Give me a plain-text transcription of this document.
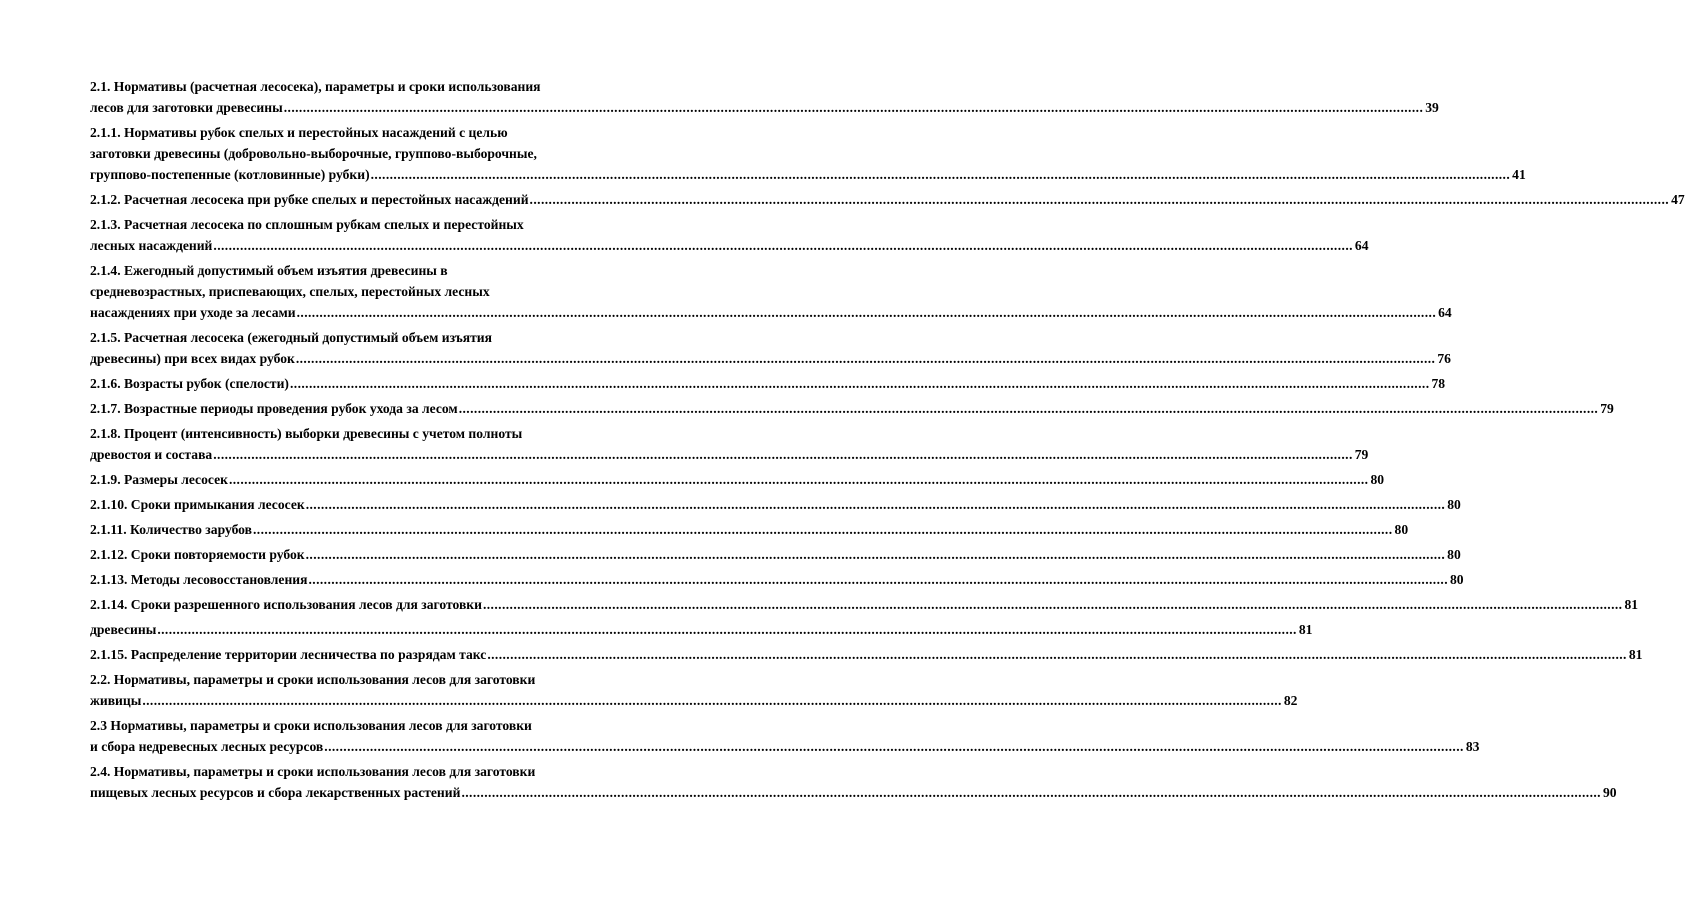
2.1. Нормативы (расчетная лесосека), параметры и сроки использования
лесов для заготовки древесины ............................................................................................................................................................................................................................................................................................................ 39
2.1.1. Нормативы рубок спелых и перестойных насаждений с целью
заготовки древесины (добровольно-выборочные, группово-выборочные,
группово-постепенные (котловинные) рубки) ............................................................................................................................................................................................................................................................................................................ 41
2.1.2. Расчетная лесосека при рубке спелых и перестойных насаждений ............................................................................................................................................................................................................................................................................................................ 47
2.1.3. Расчетная лесосека по сплошным рубкам спелых и перестойных
лесных насаждений ............................................................................................................................................................................................................................................................................................................ 64
2.1.4. Ежегодный допустимый объем изъятия древесины в
средневозрастных, приспевающих, спелых, перестойных лесных
насаждениях при уходе за лесами ............................................................................................................................................................................................................................................................................................................ 64
2.1.5. Расчетная лесосека (ежегодный допустимый объем изъятия
древесины) при всех видах рубок ............................................................................................................................................................................................................................................................................................................ 76
2.1.6. Возрасты рубок (спелости) ............................................................................................................................................................................................................................................................................................................ 78
2.1.7. Возрастные периоды проведения рубок ухода за лесом ............................................................................................................................................................................................................................................................................................................ 79
2.1.8. Процент (интенсивность) выборки древесины с учетом полноты
древостоя и состава ............................................................................................................................................................................................................................................................................................................ 79
2.1.9. Размеры лесосек ............................................................................................................................................................................................................................................................................................................ 80
2.1.10. Сроки примыкания лесосек ............................................................................................................................................................................................................................................................................................................ 80
2.1.11. Количество зарубов ............................................................................................................................................................................................................................................................................................................ 80
2.1.12. Сроки повторяемости рубок ............................................................................................................................................................................................................................................................................................................ 80
2.1.13. Методы лесовосстановления ............................................................................................................................................................................................................................................................................................................ 80
2.1.14. Сроки разрешенного использования лесов для заготовки ............................................................................................................................................................................................................................................................................................................ 81
древесины ............................................................................................................................................................................................................................................................................................................ 81
2.1.15. Распределение территории лесничества по разрядам такс ............................................................................................................................................................................................................................................................................................................ 81
2.2. Нормативы, параметры и сроки использования лесов для заготовки
живицы ............................................................................................................................................................................................................................................................................................................ 82
2.3 Нормативы, параметры и сроки использования лесов для заготовки
и сбора недревесных лесных ресурсов ............................................................................................................................................................................................................................................................................................................ 83
2.4. Нормативы, параметры и сроки использования лесов для заготовки
пищевых лесных ресурсов и сбора лекарственных растений ............................................................................................................................................................................................................................................................................................................ 90
